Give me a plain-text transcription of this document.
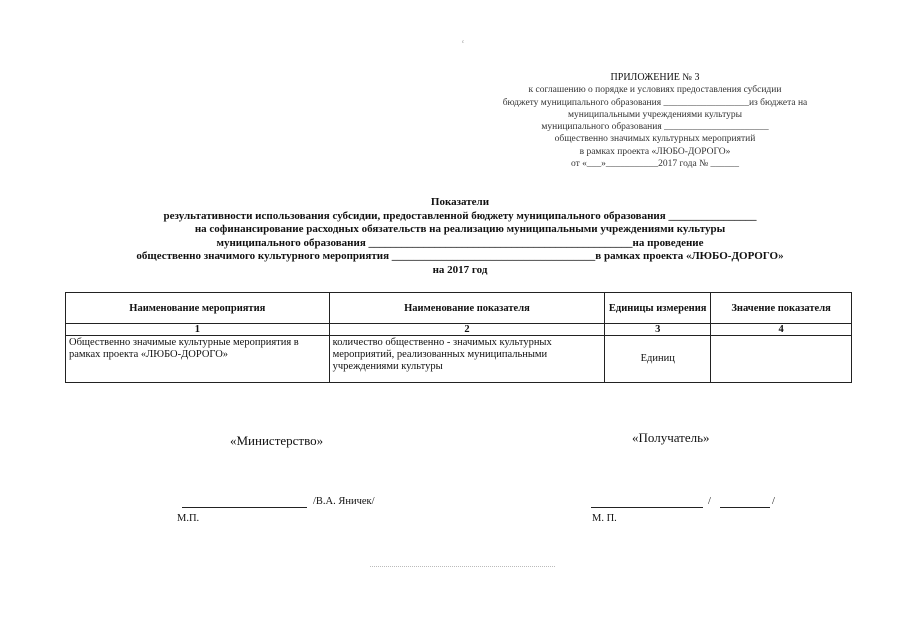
с
ПРИЛОЖЕНИЕ № 3
к соглашению о порядке и условиях предоставления субсидии
бюджету муниципального образования __________________из бюджета на
муниципальными учреждениями культуры
муниципального образования ______________________
общественно значимых культурных мероприятий
в рамках проекта «ЛЮБО-ДОРОГО»
от «___»___________2017 года № ______
Показатели
результативности использования субсидии, предоставленной бюджету муниципального образования ________________
на софинансирование расходных обязательств на реализацию муниципальными учреждениями культуры
муниципального образования ________________________________________________на проведение
общественно значимого культурного мероприятия _____________________________________в рамках проекта «ЛЮБО-ДОРОГО»
на 2017 год
Наименование мероприятия	Наименование показателя	Единицы измерения	Значение показателя
1	2	3	4
Общественно значимые культурные мероприятия в рамках проекта «ЛЮБО-ДОРОГО»	количество общественно - значимых культурных мероприятий, реализованных муниципальными учреждениями культуры	Единиц	
«Министерство»	«Получатель»
/В.А. Яничек/
М.П.
/	/
М. П.
